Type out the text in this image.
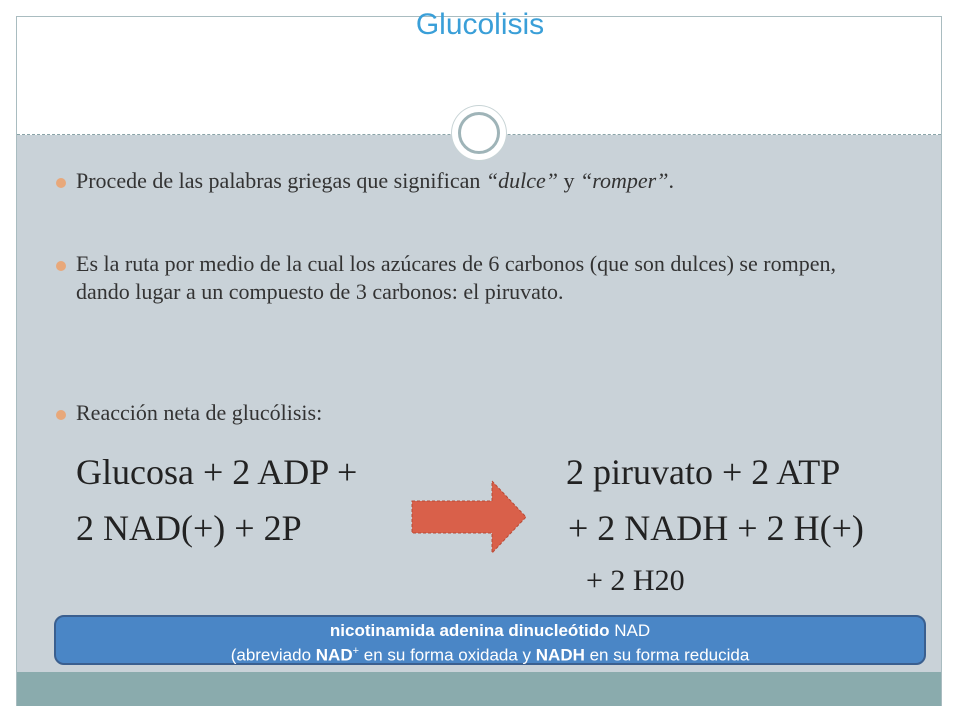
Glucolisis
Procede de las palabras griegas que significan “dulce” y “romper”.
Es la ruta por medio de la cual los azúcares de 6 carbonos (que son dulces) se rompen, dando lugar a un compuesto de 3 carbonos: el piruvato.
Reacción neta de glucólisis:
Glucosa + 2 ADP +
2 NAD(+) + 2P
2 piruvato + 2 ATP
+ 2 NADH + 2 H(+)
+ 2 H20
nicotinamida adenina dinucleótido NAD
(abreviado NAD+ en su forma oxidada y NADH en su forma reducida
